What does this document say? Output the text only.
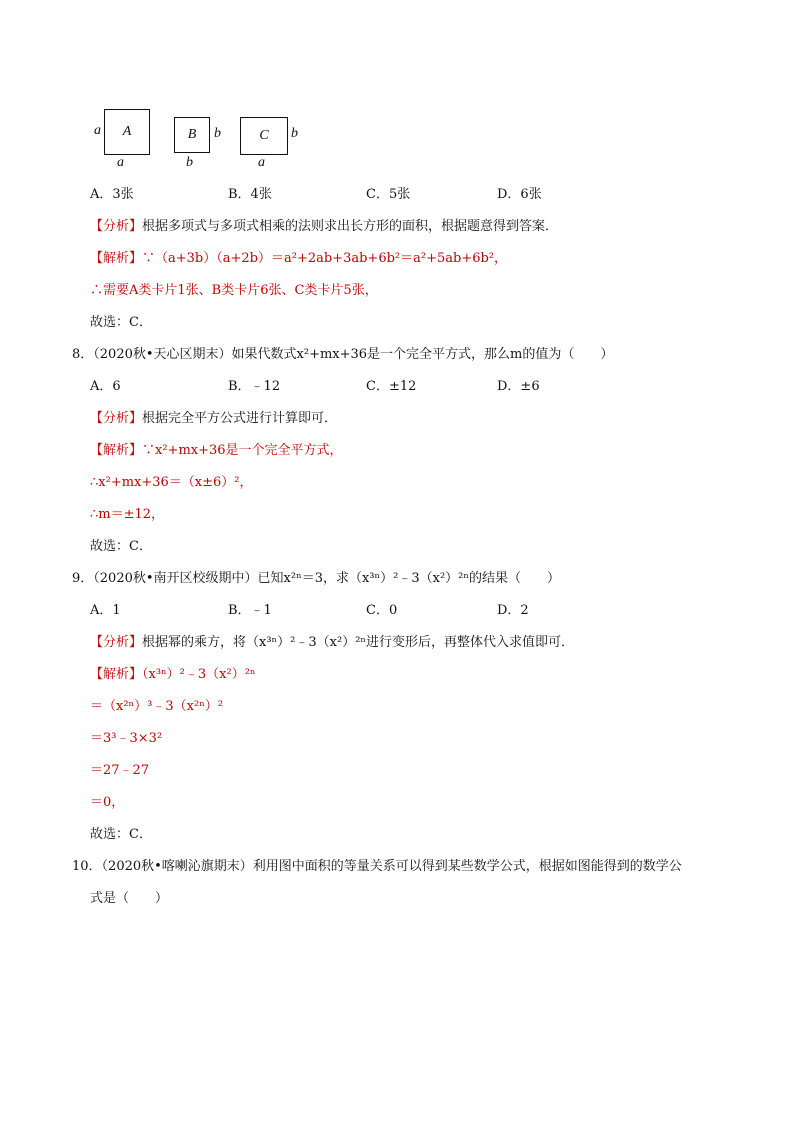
A
a
a
B	b
b
C	b
a
A．3张	B．4张	C．5张	D．6张
【分析】根据多项式与多项式相乘的法则求出长方形的面积，根据题意得到答案．
【解析】∵（a+3b）（a+2b）＝a²+2ab+3ab+6b²＝a²+5ab+6b²，
∴需要A类卡片1张、B类卡片6张、C类卡片5张，
故选：C．
8．（2020秋•天心区期末）如果代数式x²+mx+36是一个完全平方式，那么m的值为（　　）
A．6	B．﹣12	C．±12	D．±6
【分析】根据完全平方公式进行计算即可．
【解析】∵x²+mx+36是一个完全平方式，
∴x²+mx+36＝（x±6）²，
∴m＝±12，
故选：C．
9．（2020秋•南开区校级期中）已知x²ⁿ＝3，求（x³ⁿ）²﹣3（x²）²ⁿ的结果（　　）
A．1	B．﹣1	C．0	D．2
【分析】根据幂的乘方，将（x³ⁿ）²﹣3（x²）²ⁿ进行变形后，再整体代入求值即可．
【解析】（x³ⁿ）²﹣3（x²）²ⁿ
＝（x²ⁿ）³﹣3（x²ⁿ）²
＝3³﹣3×3²
＝27﹣27
＝0，
故选：C．
10．（2020秋•喀喇沁旗期末）利用图中面积的等量关系可以得到某些数学公式，根据如图能得到的数学公
式是（　　）
